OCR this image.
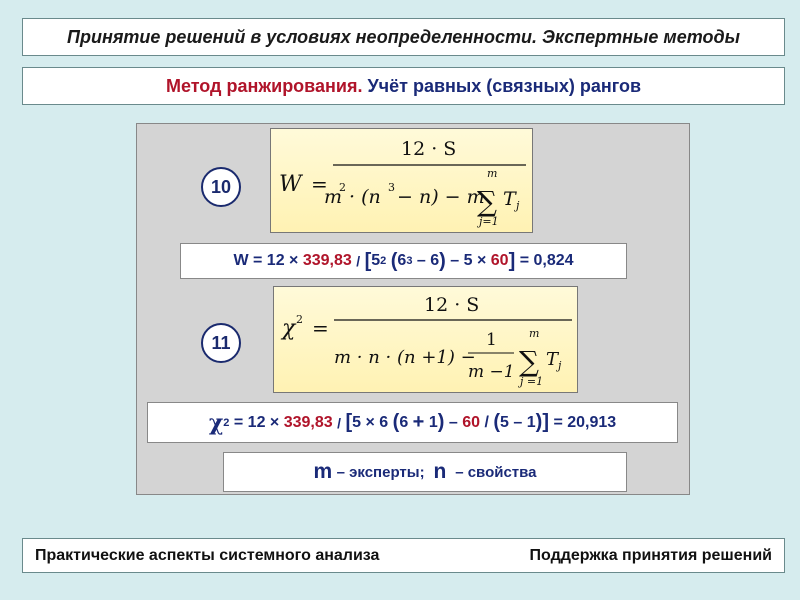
Принятие решений в условиях неопределенности. Экспертные методы
Метод ранжирования.
Учёт равных (связных) рангов
10 W =
12 · S
m
2 · (n 3 − n) − m
m
∑
j=1
T j
W
=
12
×
339,83
/
[ 5 2
( 6 3
– 6 )
–
5
×
60 ]
=
0,824
11
χ 2 =
12 · S
m · n · (n +1) −
1
m −1
m
∑
j =1
T j
χ 2
=
12
×
339,83
/
[ 5
×
6
( 6
+
1 )
–
60
/
( 5
–
1 ) ]
=
20,913
m
– эксперты;
n
– свойства
Практические аспекты системного анализа	Поддержка принятия решений
